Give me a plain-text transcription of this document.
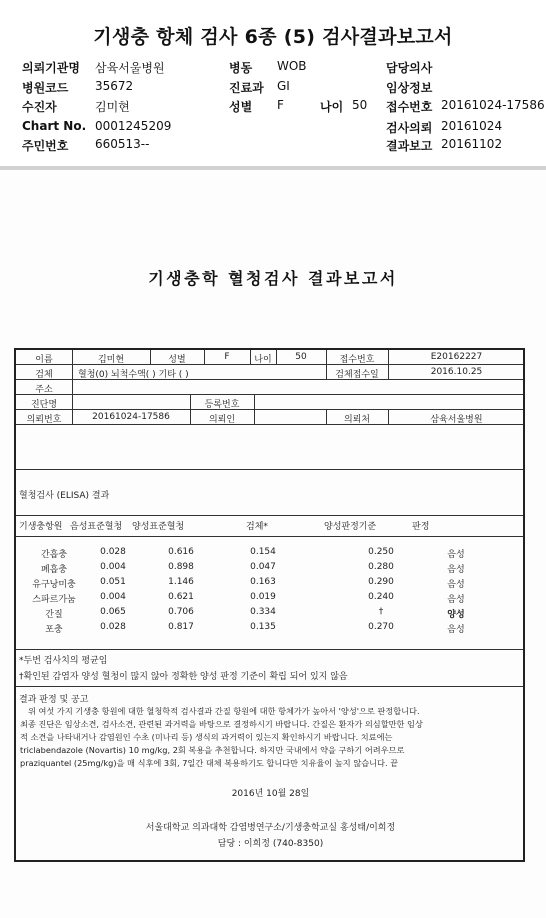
기생충 항체 검사 6종 (5) 검사결과보고서
의뢰기관명 삼육서울병원	병동 WOB	담당의사
병원코드 35672	진료과 GI	임상정보
수진자	김미현	성별 F	나이 50 접수번호 20161024-17586
Chart No. 0001245209	검사의뢰 20161024
주민번호 660513--	결과보고 20161102
기생충학 혈청검사 결과보고서
이름	김미현	성별	F	나이	50	접수번호	E20162227
검체	혈청(0) 뇌척수액( ) 기타 ( )	검체접수일	2016.10.25
주소
진단명	등록번호
의뢰번호	20161024-17586	의뢰인	의뢰처	삼육서울병원
혈청검사 (ELISA) 결과
기생충항원 음성표준혈청 양성표준혈청	검체*	양성판정기준	판정
간흡충	0.028	0.616	0.154	0.250	음성
폐흡충	0.004	0.898	0.047	0.280	음성
유구낭미충	0.051	1.146	0.163	0.290	음성
스파르가눔	0.004	0.621	0.019	0.240	음성
간질	0.065	0.706	0.334	†	양성
포충	0.028	0.817	0.135	0.270	음성
*두번 검사치의 평균임
†확인된 감염자 양성 혈청이 많지 않아 정확한 양성 판정 기준이 확립 되어 있지 않음
결과 판정 및 공고
위 여섯 가지 기생충 항원에 대한 혈청학적 검사결과 간질 항원에 대한 항체가가 높아서 '양성'으로 판정합니다.
최종 진단은 임상소견, 검사소견, 관련된 과거력을 바탕으로 결정하시기 바랍니다. 간질은 환자가 의심할만한 임상
적 소견을 나타내거나 감염원인 수초 (미나리 등) 생식의 과거력이 있는지 확인하시기 바랍니다. 치료에는
triclabendazole (Novartis) 10 mg/kg, 2회 복용을 추천합니다. 하지만 국내에서 약을 구하기 어려우므로
praziquantel (25mg/kg)을 매 식후에 3회, 7일간 대체 복용하기도 합니다만 치유율이 높지 않습니다. 끝
2016년 10월 28일
서울대학교 의과대학 감염병연구소/기생충학교실 홍성태/이희정
담당 : 이희정 (740-8350)
